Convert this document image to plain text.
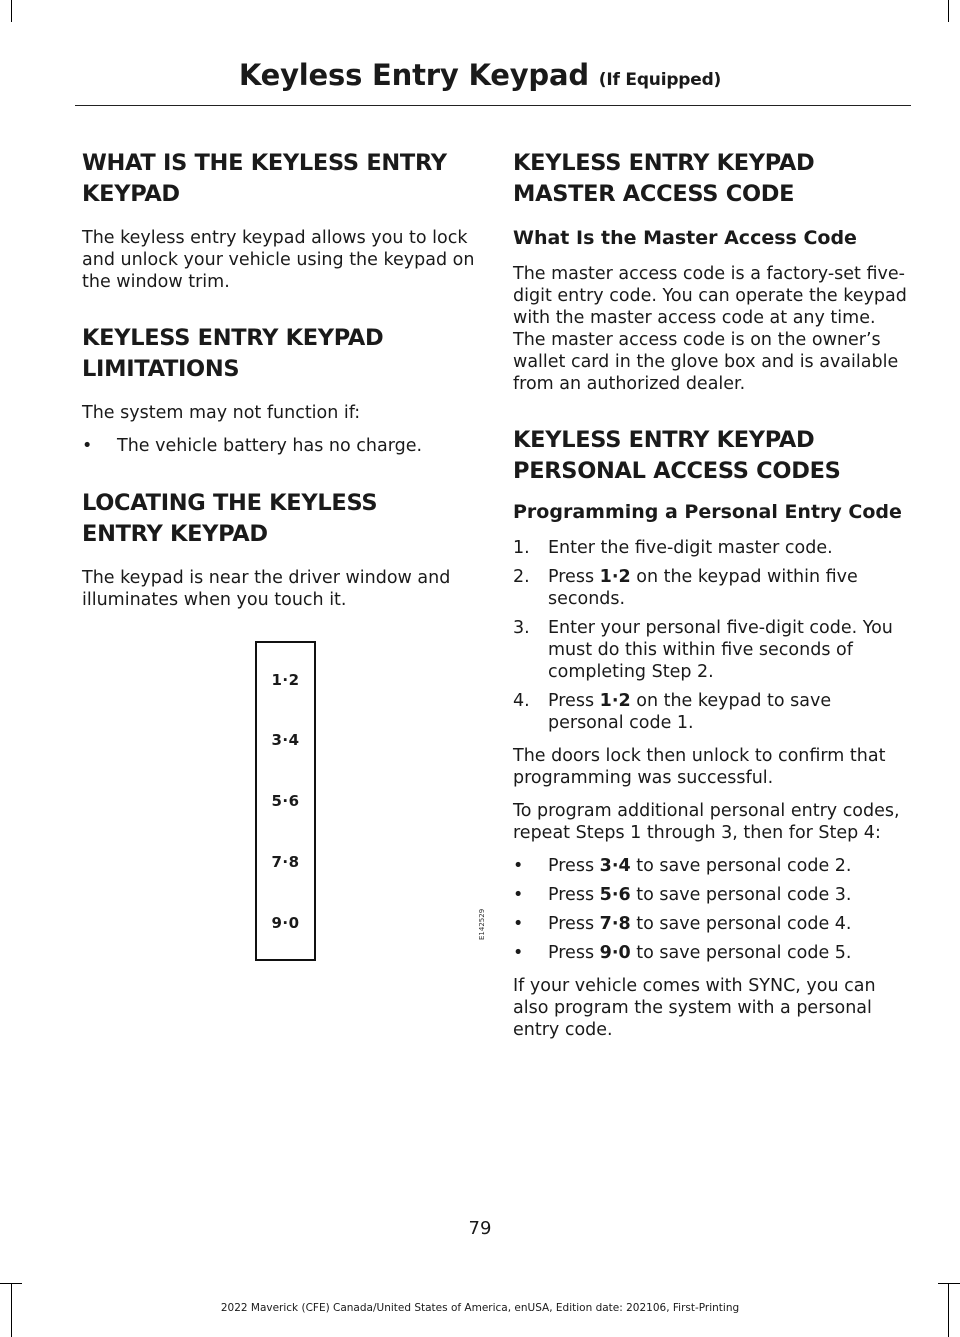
Keyless Entry Keypad (If Equipped)
WHAT IS THE KEYLESS ENTRY
KEYPAD

The keyless entry keypad allows you to lock and unlock your vehicle using the keypad on the window trim.

KEYLESS ENTRY KEYPAD
LIMITATIONS

The system may not function if:

• The vehicle battery has no charge.
LOCATING THE KEYLESS
ENTRY KEYPAD

The keypad is near the driver window and illuminates when you touch it.

1·2
3·4
5·6
7·8
9·0	E142529
KEYLESS ENTRY KEYPAD
MASTER ACCESS CODE
What Is the Master Access Code

The master access code is a factory-set five-digit entry code. You can operate the keypad with the master access code at any time. The master access code is on the owner’s wallet card in the glove box and is available from an authorized dealer.

KEYLESS ENTRY KEYPAD
PERSONAL ACCESS CODES
Programming a Personal Entry Code
1. Enter the five-digit master code.
2. Press 1·2 on the keypad within five seconds.
3. Enter your personal five-digit code. You must do this within five seconds of completing Step 2.
4. Press 1·2 on the keypad to save personal code 1.

The doors lock then unlock to confirm that programming was successful.

To program additional personal entry codes, repeat Steps 1 through 3, then for Step 4:

• Press 3·4 to save personal code 2.
• Press 5·6 to save personal code 3.
• Press 7·8 to save personal code 4.
• Press 9·0 to save personal code 5.

If your vehicle comes with SYNC, you can also program the system with a personal entry code.

79
2022 Maverick (CFE) Canada/United States of America, enUSA, Edition date: 202106, First-Printing
